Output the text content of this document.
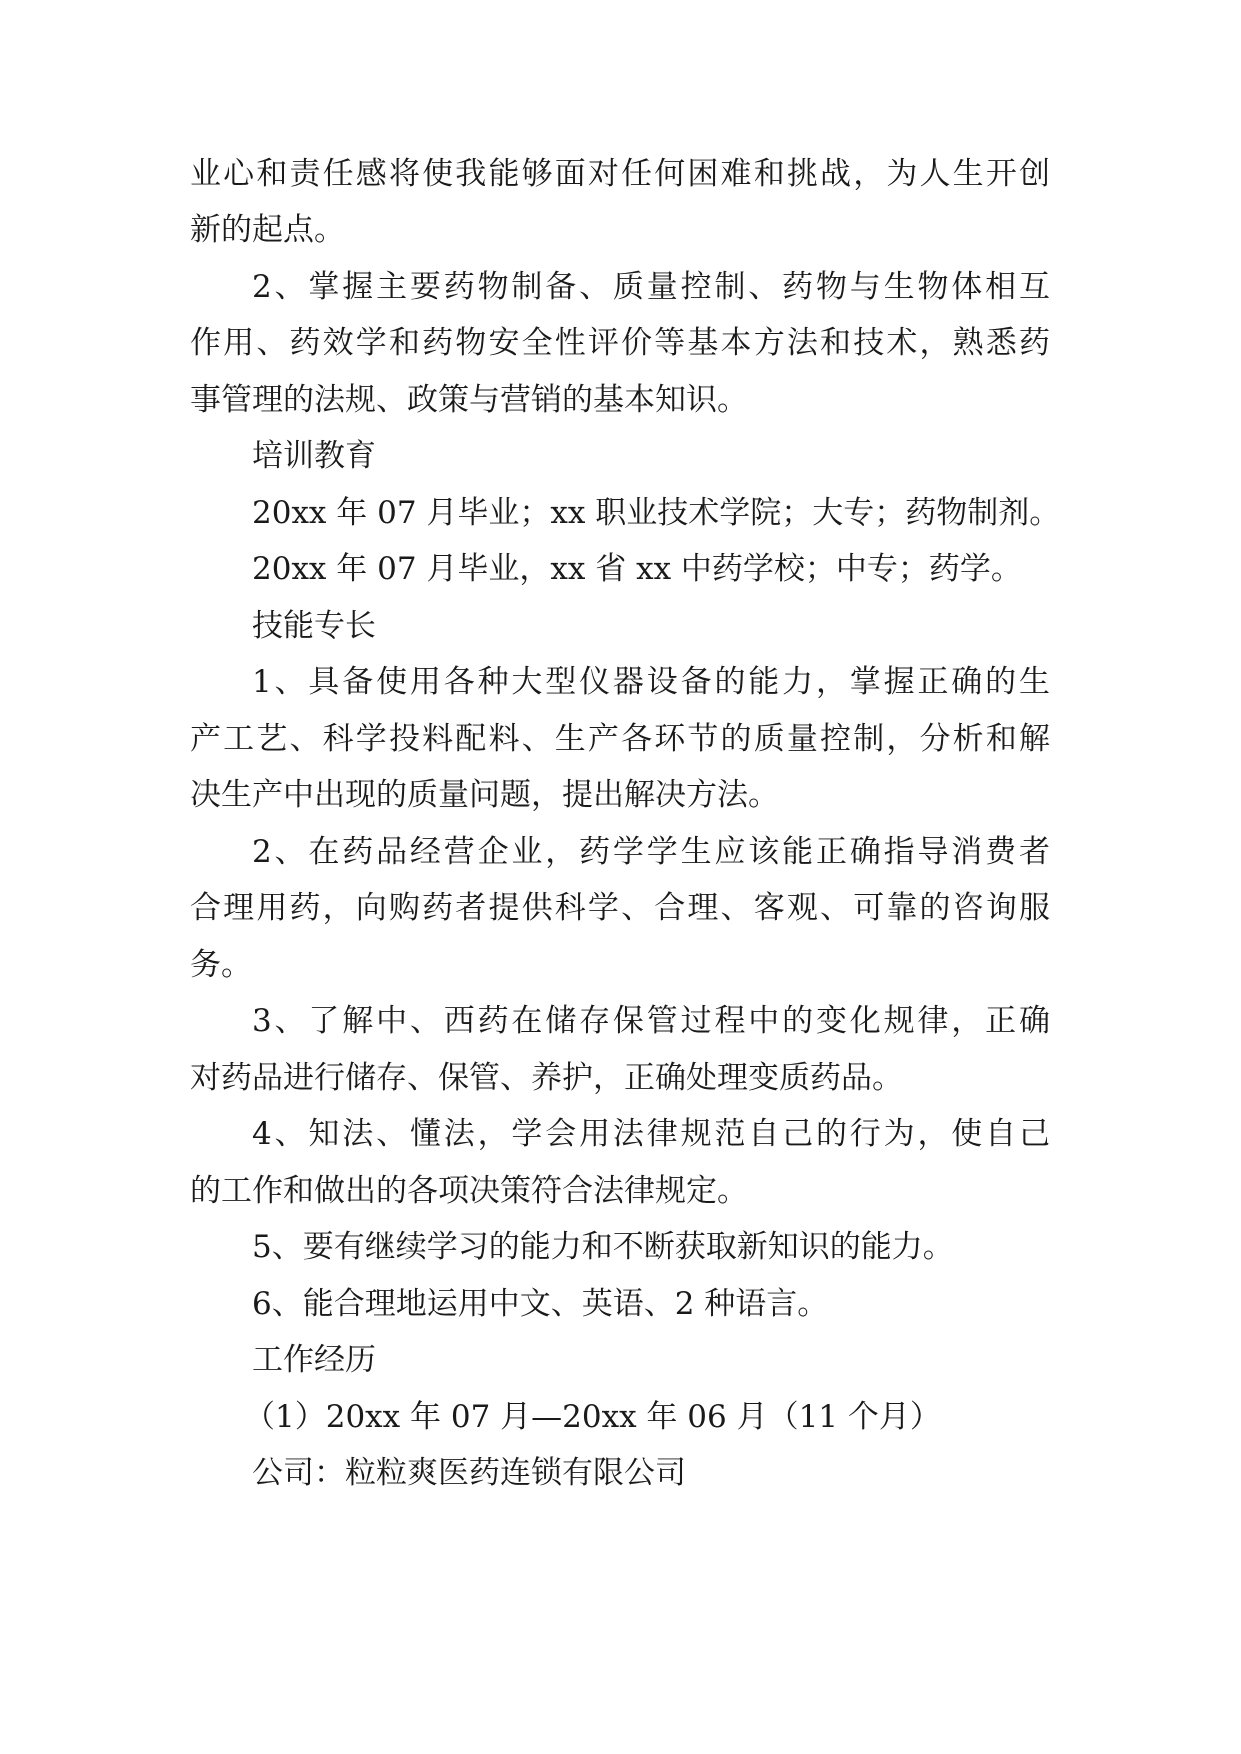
业心和责任感将使我能够面对任何困难和挑战，为人生开创
新的起点。
2、掌握主要药物制备、质量控制、药物与生物体相互
作用、药效学和药物安全性评价等基本方法和技术，熟悉药
事管理的法规、政策与营销的基本知识。
培训教育
20xx 年 07 月毕业；xx 职业技术学院；大专；药物制剂。
20xx 年 07 月毕业，xx 省 xx 中药学校；中专；药学。
技能专长
1、具备使用各种大型仪器设备的能力，掌握正确的生
产工艺、科学投料配料、生产各环节的质量控制，分析和解
决生产中出现的质量问题，提出解决方法。
2、在药品经营企业，药学学生应该能正确指导消费者
合理用药，向购药者提供科学、合理、客观、可靠的咨询服
务。
3、了解中、西药在储存保管过程中的变化规律，正确
对药品进行储存、保管、养护，正确处理变质药品。
4、知法、懂法，学会用法律规范自己的行为，使自己
的工作和做出的各项决策符合法律规定。
5、要有继续学习的能力和不断获取新知识的能力。
6、能合理地运用中文、英语、2 种语言。
工作经历
（1）20xx 年 07 月—20xx 年 06 月（11 个月）
公司：粒粒爽医药连锁有限公司
